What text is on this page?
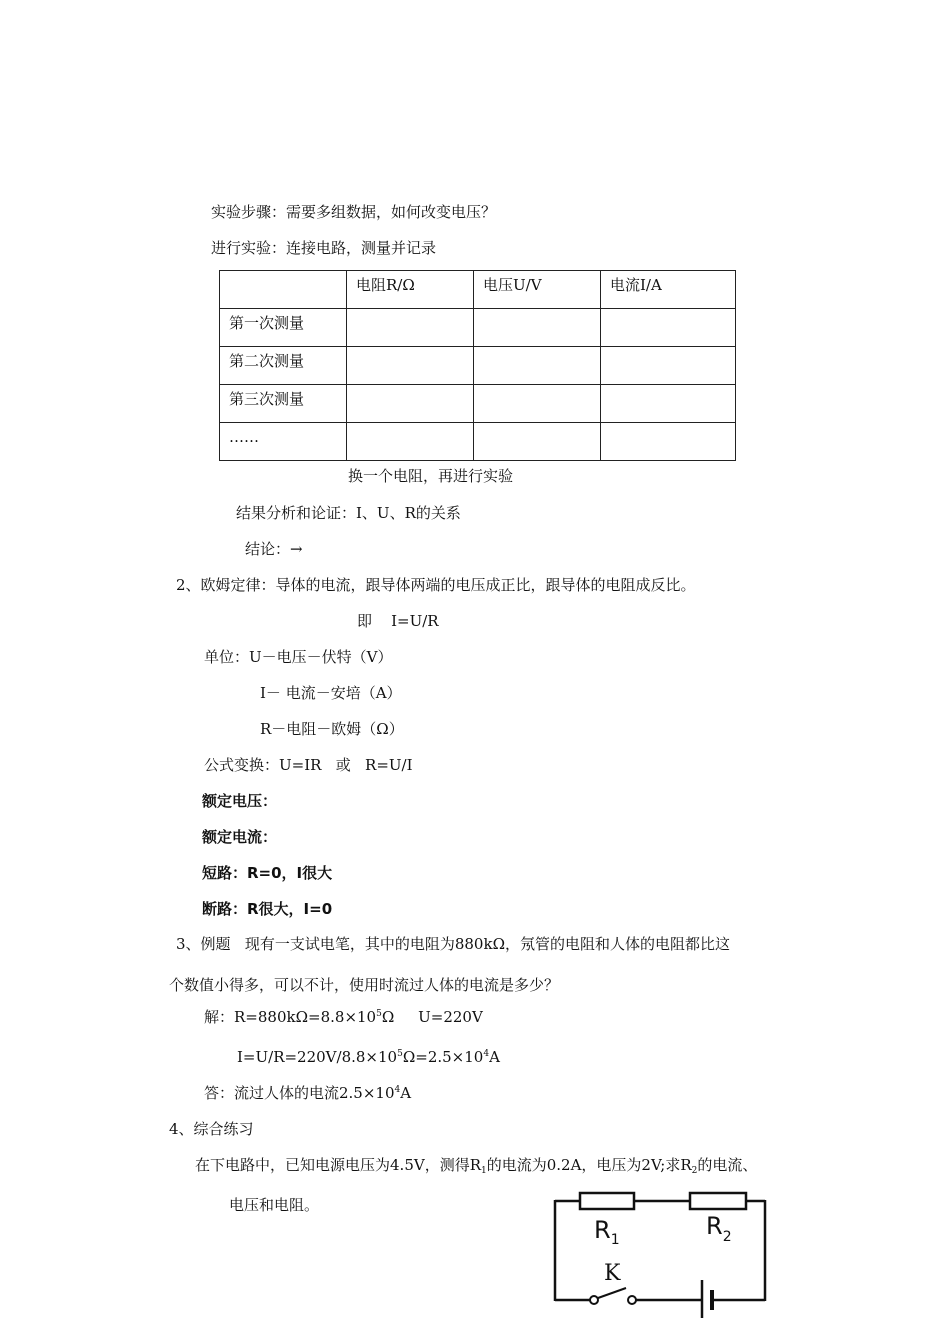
实验步骤：需要多组数据，如何改变电压？
进行实验：连接电路，测量并记录
	电阻R/Ω	电压U/V	电流I/A
第一次测量			
第二次测量			
第三次测量			
……			
换一个电阻，再进行实验
结果分析和论证：I、U、R的关系
结论：→
2、欧姆定律：导体的电流，跟导体两端的电压成正比，跟导体的电阻成反比。
即    I=U/R
单位：U－电压－伏特（V）
I－ 电流－安培（A）
R－电阻－欧姆（Ω）
公式变换：U=IR   或   R=U/I
额定电压：
额定电流：
短路：R=0，I很大
断路：R很大，I=0
3、例题   现有一支试电笔，其中的电阻为880kΩ，氖管的电阻和人体的电阻都比这
个数值小得多，可以不计，使用时流过人体的电流是多少？
解：$R=880k\Omega=8.8\times 10^5\Omega$     U=220V
$I=U/R=220V/8.8\times 10^5\Omega=2.5\times 10^4A$
答：流过人体的电流$2.5\times 10^4A$
4、综合练习
在下电路中，已知电源电压为4.5V，测得$R_1$的电流为0.2A，电压为2V;求$R_2$的电流、
电压和电阻。
$R_1$	$R_2$
K
